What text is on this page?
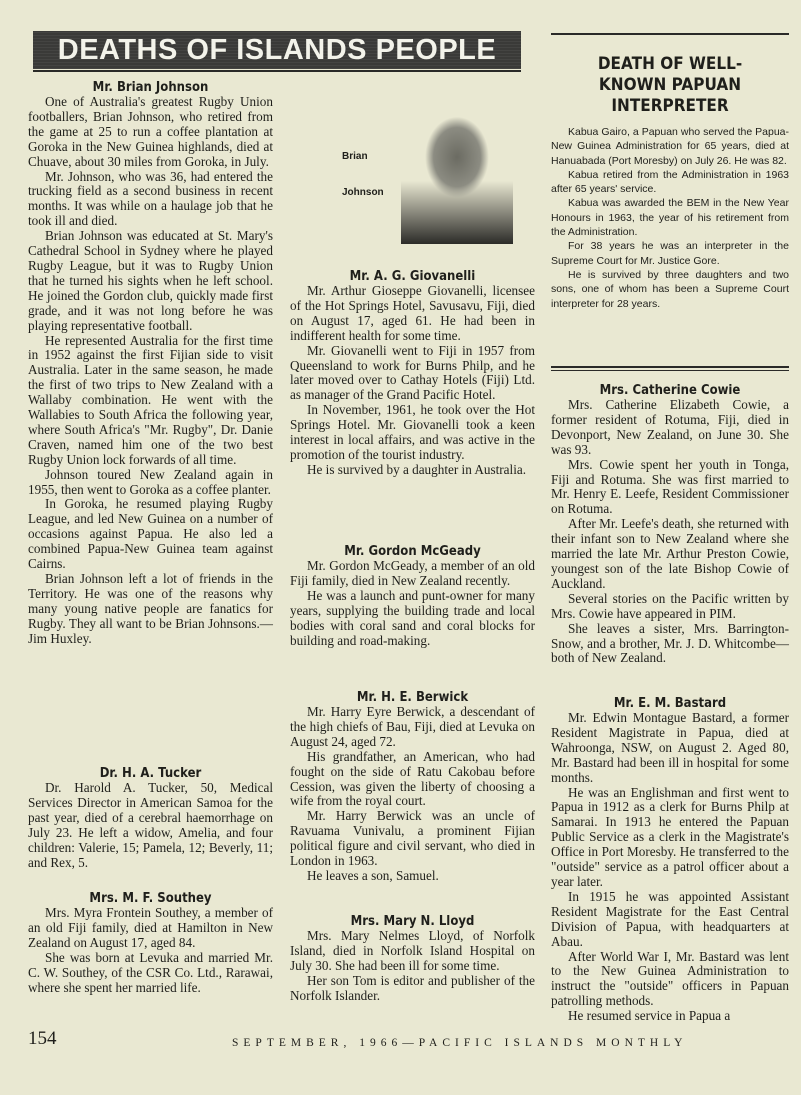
DEATHS OF ISLANDS PEOPLE
Brian
Johnson
Mr. Brian Johnson

One of Australia's greatest Rugby Union footballers, Brian Johnson, who retired from the game at 25 to run a coffee plantation at Goroka in the New Guinea highlands, died at Chuave, about 30 miles from Goroka, in July.

Mr. Johnson, who was 36, had entered the trucking field as a second business in recent months. It was while on a haulage job that he took ill and died.

Brian Johnson was educated at St. Mary's Cathedral School in Sydney where he played Rugby League, but it was to Rugby Union that he turned his sights when he left school. He joined the Gordon club, quickly made first grade, and it was not long before he was playing representative football.

He represented Australia for the first time in 1952 against the first Fijian side to visit Australia. Later in the same season, he made the first of two trips to New Zealand with a Wallaby combination. He went with the Wallabies to South Africa the following year, where South Africa's "Mr. Rugby", Dr. Danie Craven, named him one of the two best Rugby Union lock forwards of all time.

Johnson toured New Zealand again in 1955, then went to Goroka as a coffee planter.

In Goroka, he resumed playing Rugby League, and led New Guinea on a number of occasions against Papua. He also led a combined Papua-New Guinea team against Cairns.

Brian Johnson left a lot of friends in the Territory. He was one of the reasons why many young native people are fanatics for Rugby. They all want to be Brian Johnsons.—Jim Huxley.

Dr. H. A. Tucker

Dr. Harold A. Tucker, 50, Medical Services Director in American Samoa for the past year, died of a cerebral haemorrhage on July 23. He left a widow, Amelia, and four children: Valerie, 15; Pamela, 12; Beverly, 11; and Rex, 5.

Mrs. M. F. Southey

Mrs. Myra Frontein Southey, a member of an old Fiji family, died at Hamilton in New Zealand on August 17, aged 84.

She was born at Levuka and married Mr. C. W. Southey, of the CSR Co. Ltd., Rarawai, where she spent her married life.

Mr. A. G. Giovanelli

Mr. Arthur Gioseppe Giovanelli, licensee of the Hot Springs Hotel, Savusavu, Fiji, died on August 17, aged 61. He had been in indifferent health for some time.

Mr. Giovanelli went to Fiji in 1957 from Queensland to work for Burns Philp, and he later moved over to Cathay Hotels (Fiji) Ltd. as manager of the Grand Pacific Hotel.

In November, 1961, he took over the Hot Springs Hotel. Mr. Giovanelli took a keen interest in local affairs, and was active in the promotion of the tourist industry.

He is survived by a daughter in Australia.

Mr. Gordon McGeady

Mr. Gordon McGeady, a member of an old Fiji family, died in New Zealand recently.

He was a launch and punt-owner for many years, supplying the building trade and local bodies with coral sand and coral blocks for building and road-making.

Mr. H. E. Berwick

Mr. Harry Eyre Berwick, a descendant of the high chiefs of Bau, Fiji, died at Levuka on August 24, aged 72.

His grandfather, an American, who had fought on the side of Ratu Cakobau before Cession, was given the liberty of choosing a wife from the royal court.

Mr. Harry Berwick was an uncle of Ravuama Vunivalu, a prominent Fijian political figure and civil servant, who died in London in 1963.

He leaves a son, Samuel.

Mrs. Mary N. Lloyd

Mrs. Mary Nelmes Lloyd, of Norfolk Island, died in Norfolk Island Hospital on July 30. She had been ill for some time.

Her son Tom is editor and publisher of the Norfolk Islander.

DEATH OF WELL-KNOWN PAPUAN INTERPRETER

Kabua Gairo, a Papuan who served the Papua-New Guinea Administration for 65 years, died at Hanuabada (Port Moresby) on July 26. He was 82.

Kabua retired from the Administration in 1963 after 65 years' service.

Kabua was awarded the BEM in the New Year Honours in 1963, the year of his retirement from the Administration.

For 38 years he was an interpreter in the Supreme Court for Mr. Justice Gore.

He is survived by three daughters and two sons, one of whom has been a Supreme Court interpreter for 28 years.

Mrs. Catherine Cowie

Mrs. Catherine Elizabeth Cowie, a former resident of Rotuma, Fiji, died in Devonport, New Zealand, on June 30. She was 93.

Mrs. Cowie spent her youth in Tonga, Fiji and Rotuma. She was first married to Mr. Henry E. Leefe, Resident Commissioner on Rotuma.

After Mr. Leefe's death, she returned with their infant son to New Zealand where she married the late Mr. Arthur Preston Cowie, youngest son of the late Bishop Cowie of Auckland.

Several stories on the Pacific written by Mrs. Cowie have appeared in PIM.

She leaves a sister, Mrs. Barrington-Snow, and a brother, Mr. J. D. Whitcombe—both of New Zealand.

Mr. E. M. Bastard

Mr. Edwin Montague Bastard, a former Resident Magistrate in Papua, died at Wahroonga, NSW, on August 2. Aged 80, Mr. Bastard had been ill in hospital for some months.

He was an Englishman and first went to Papua in 1912 as a clerk for Burns Philp at Samarai. In 1913 he entered the Papuan Public Service as a clerk in the Magistrate's Office in Port Moresby. He transferred to the "outside" service as a patrol officer about a year later.

In 1915 he was appointed Assistant Resident Magistrate for the East Central Division of Papua, with headquarters at Abau.

After World War I, Mr. Bastard was lent to the New Guinea Administration to instruct the "outside" officers in Papuan patrolling methods.

He resumed service in Papua a

154	SEPTEMBER, 1966—PACIFIC ISLANDS MONTHLY
